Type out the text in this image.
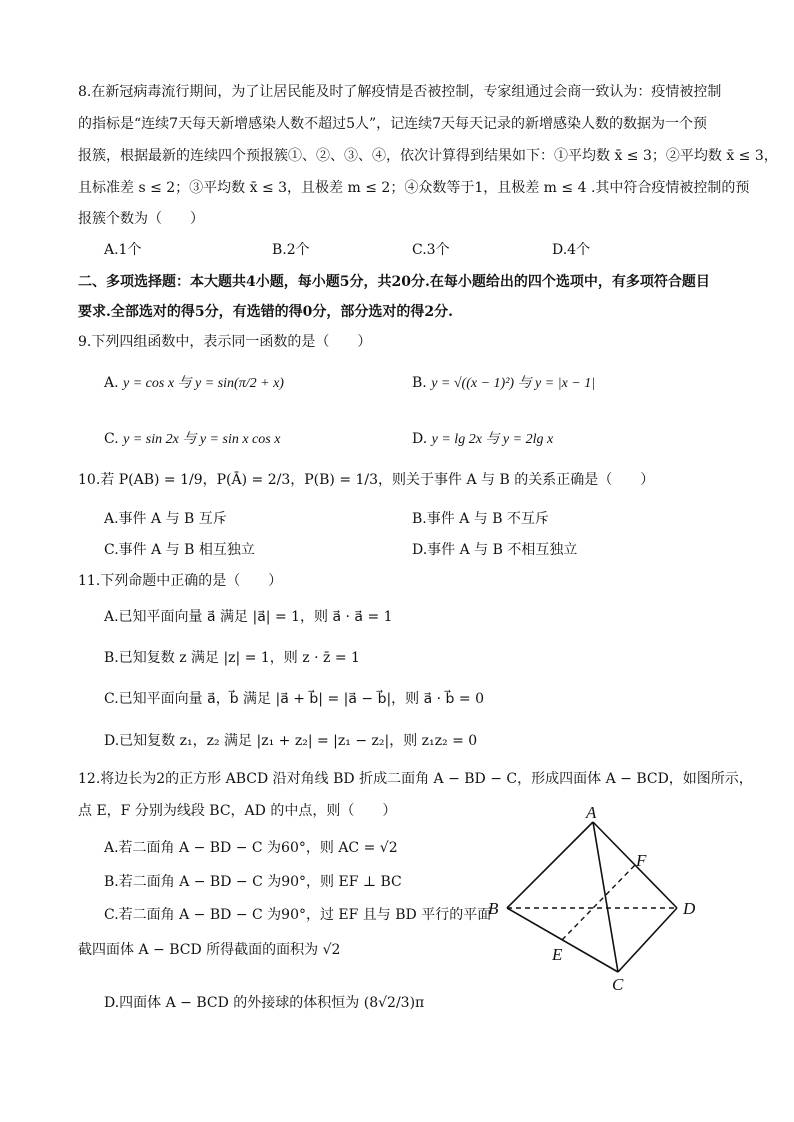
8.在新冠病毒流行期间，为了让居民能及时了解疫情是否被控制，专家组通过会商一致认为：疫情被控制
的指标是“连续7天每天新增感染人数不超过5人”，记连续7天每天记录的新增感染人数的数据为一个预
报簇，根据最新的连续四个预报簇①、②、③、④，依次计算得到结果如下：①平均数 x̄ ≤ 3；②平均数 x̄ ≤ 3，
且标准差 s ≤ 2；③平均数 x̄ ≤ 3，且极差 m ≤ 2；④众数等于1，且极差 m ≤ 4 .其中符合疫情被控制的预
报簇个数为（　　）
A.1个	B.2个	C.3个	D.4个
二、多项选择题：本大题共4小题，每小题5分，共20分.在每小题给出的四个选项中，有多项符合题目
要求.全部选对的得5分，有选错的得0分，部分选对的得2分.
9.下列四组函数中，表示同一函数的是（　　）
A. y = cos x 与 y = sin(π/2 + x)	B. y = √((x − 1)²) 与 y = |x − 1|
C. y = sin 2x 与 y = sin x cos x	D. y = lg 2x 与 y = 2lg x
10.若 P(AB) = 1/9，P(Ā) = 2/3，P(B) = 1/3，则关于事件 A 与 B 的关系正确是（　　）
A.事件 A 与 B 互斥	B.事件 A 与 B 不互斥
C.事件 A 与 B 相互独立	D.事件 A 与 B 不相互独立
11.下列命题中正确的是（　　）
A.已知平面向量 a⃗ 满足 |a⃗| = 1，则 a⃗ · a⃗ = 1
B.已知复数 z 满足 |z| = 1，则 z · z̄ = 1
C.已知平面向量 a⃗，b⃗ 满足 |a⃗ + b⃗| = |a⃗ − b⃗|，则 a⃗ · b⃗ = 0
D.已知复数 z₁，z₂ 满足 |z₁ + z₂| = |z₁ − z₂|，则 z₁z₂ = 0
12.将边长为2的正方形 ABCD 沿对角线 BD 折成二面角 A − BD − C，形成四面体 A − BCD，如图所示，
点 E，F 分别为线段 BC，AD 的中点，则（　　）
A.若二面角 A − BD − C 为60°，则 AC = √2
B.若二面角 A − BD − C 为90°，则 EF ⊥ BC
C.若二面角 A − BD − C 为90°，过 EF 且与 BD 平行的平面
截四面体 A − BCD 所得截面的面积为 √2
D.四面体 A − BCD 的外接球的体积恒为 (8√2/3)π
A
B
C
D
E
F
